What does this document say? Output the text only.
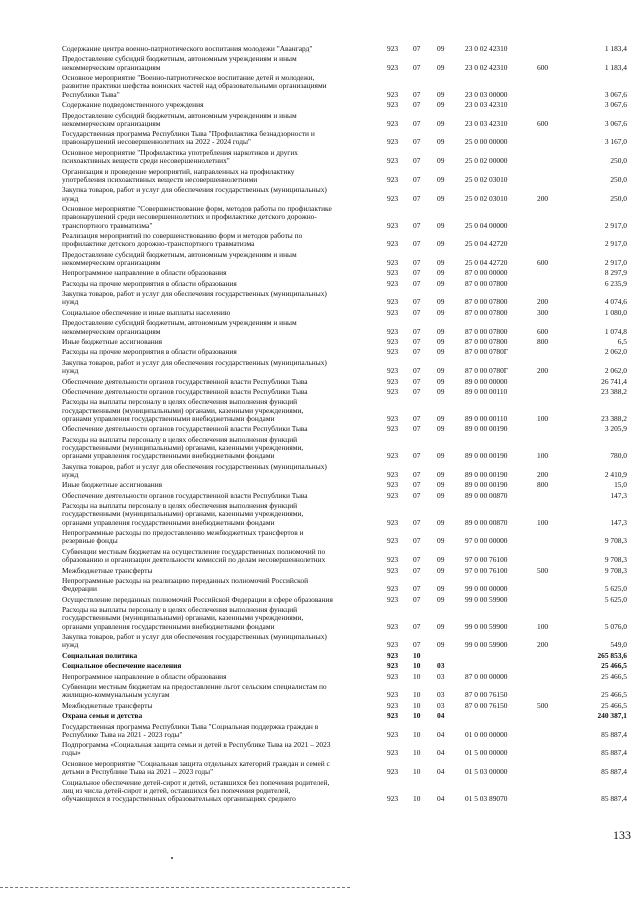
Содержание центра военно-патриотического воспитания молодежи "Авангард"	923 07 09	23 0 02 42310	1 183,4
Предоставление субсидий бюджетным, автономным учреждениям и иным
некоммерческим организациям	923 07 09	23 0 02 42310	600	1 183,4
Основное мероприятие "Военно-патриотическое воспитание детей и молодежи,
развитие практики шефства воинских частей над образовательными организациями
Республики Тыва"	923 07 09	23 0 03 00000	3 067,6
Содержание подведомственного учреждения	923 07 09	23 0 03 42310	3 067,6
Предоставление субсидий бюджетным, автономным учреждениям и иным
некоммерческим организациям	923 07 09	23 0 03 42310	600	3 067,6
Государственная программа Республики Тыва "Профилактика безнадзорности и
правонарушений несовершеннолетних на 2022 - 2024 годы"	923 07 09	25 0 00 00000	3 167,0
Основное мероприятие "Профилактика употребления наркотиков и других
психоактивных веществ среди несовершеннолетних"	923 07 09	25 0 02 00000	250,0
Организация и проведение мероприятий, направленных на профилактику
употребления психоактивных веществ несовершеннолетними	923 07 09	25 0 02 03010	250,0
Закупка товаров, работ и услуг для обеспечения государственных (муниципальных)
нужд	923 07 09	25 0 02 03010	200	250,0
Основное мероприятие "Совершенствование форм, методов работы по профилактике
правонарушений среди несовершеннолетних и профилактике детского дорожно-
транспортного травматизма"	923 07 09	25 0 04 00000	2 917,0
Реализация мероприятий по совершенствованию форм и методов работы по
профилактике детского дорожно-транспортного травматизма	923 07 09	25 0 04 42720	2 917,0
Предоставление субсидий бюджетным, автономным учреждениям и иным
некоммерческим организациям	923 07 09	25 0 04 42720	600	2 917,0
Непрограммное направление в области образования	923 07 09	87 0 00 00000	8 297,9
Расходы на прочие мероприятия в области образования	923 07 09	87 0 00 07800	6 235,9
Закупка товаров, работ и услуг для обеспечения государственных (муниципальных)
нужд	923 07 09	87 0 00 07800	200	4 074,6
Социальное обеспечение и иные выплаты населению	923 07 09	87 0 00 07800	300	1 080,0
Предоставление субсидий бюджетным, автономным учреждениям и иным
некоммерческим организациям	923 07 09	87 0 00 07800	600	1 074,8
Иные бюджетные ассигнования	923 07 09	87 0 00 07800	800	6,5
Расходы на прочие мероприятия в области образования	923 07 09	87 0 00 0780Г	2 062,0
Закупка товаров, работ и услуг для обеспечения государственных (муниципальных)
нужд	923 07 09	87 0 00 0780Г	200	2 062,0
Обеспечение деятельности органов государственной власти Республики Тыва	923 07 09	89 0 00 00000	26 741,4
Обеспечение деятельности органов государственной власти Республики Тыва	923 07 09	89 0 00 00110	23 388,2
Расходы на выплаты персоналу в целях обеспечения выполнения функций
государственными (муниципальными) органами, казенными учреждениями,
органами управления государственными внебюджетными фондами	923 07 09	89 0 00 00110	100	23 388,2
Обеспечение деятельности органов государственной власти Республики Тыва	923 07 09	89 0 00 00190	3 205,9
Расходы на выплаты персоналу в целях обеспечения выполнения функций
государственными (муниципальными) органами, казенными учреждениями,
органами управления государственными внебюджетными фондами	923 07 09	89 0 00 00190	100	780,0
Закупка товаров, работ и услуг для обеспечения государственных (муниципальных)
нужд	923 07 09	89 0 00 00190	200	2 410,9
Иные бюджетные ассигнования	923 07 09	89 0 00 00190	800	15,0
Обеспечение деятельности органов государственной власти Республики Тыва	923 07 09	89 0 00 00870	147,3
Расходы на выплаты персоналу в целях обеспечения выполнения функций
государственными (муниципальными) органами, казенными учреждениями,
органами управления государственными внебюджетными фондами	923 07 09	89 0 00 00870	100	147,3
Непрограммные расходы по предоставлению межбюджетных трансфертов и
резервные фонды	923 07 09	97 0 00 00000	9 708,3
Субвенции местным бюджетам на осуществление государственных полномочий по
образованию и организации деятельности комиссий по делам несовершеннолетних	923 07 09	97 0 00 76100	9 708,3
Межбюджетные трансферты	923 07 09	97 0 00 76100	500	9 708,3
Непрограммные расходы на реализацию переданных полномочий Российской
Федерации	923 07 09	99 0 00 00000	5 625,0
Осуществление переданных полномочий Российской Федерации в сфере образования	923 07 09	99 0 00 59900	5 625,0
Расходы на выплаты персоналу в целях обеспечения выполнения функций
государственными (муниципальными) органами, казенными учреждениями,
органами управления государственными внебюджетными фондами	923 07 09	99 0 00 59900	100	5 076,0
Закупка товаров, работ и услуг для обеспечения государственных (муниципальных)
нужд	923 07 09	99 0 00 59900	200	549,0
Социальная политика	923 10	265 853,6
Социальное обеспечение населения	923 10 03	25 466,5
Непрограммное направление в области образования	923 10 03	87 0 00 00000	25 466,5
Субвенции местным бюджетам на предоставление льгот сельским специалистам по
жилищно-коммунальным услугам	923 10 03	87 0 00 76150	25 466,5
Межбюджетные трансферты	923 10 03	87 0 00 76150	500	25 466,5
Охрана семьи и детства	923 10 04	240 387,1
Государственная программа Республики Тыва "Социальная поддержка граждан в
Республике Тыва на 2021 - 2023 годы"	923 10 04	01 0 00 00000	85 887,4
Подпрограмма «Социальная защита семьи и детей в Республике Тыва на 2021 – 2023
годы»	923 10 04	01 5 00 00000	85 887,4
Основное мероприятие "Социальная защита отдельных категорий граждан и семей с
детьми в Республике Тыва на 2021 – 2023 годы"	923 10 04	01 5 03 00000	85 887,4
Социальное обеспечение детей-сирот и детей, оставшихся без попечения родителей,
лиц из числа детей-сирот и детей, оставшихся без попечения родителей,
обучающихся в государственных образовательных организациях среднего	923 10 04	01 5 03 89070	85 887,4
133
